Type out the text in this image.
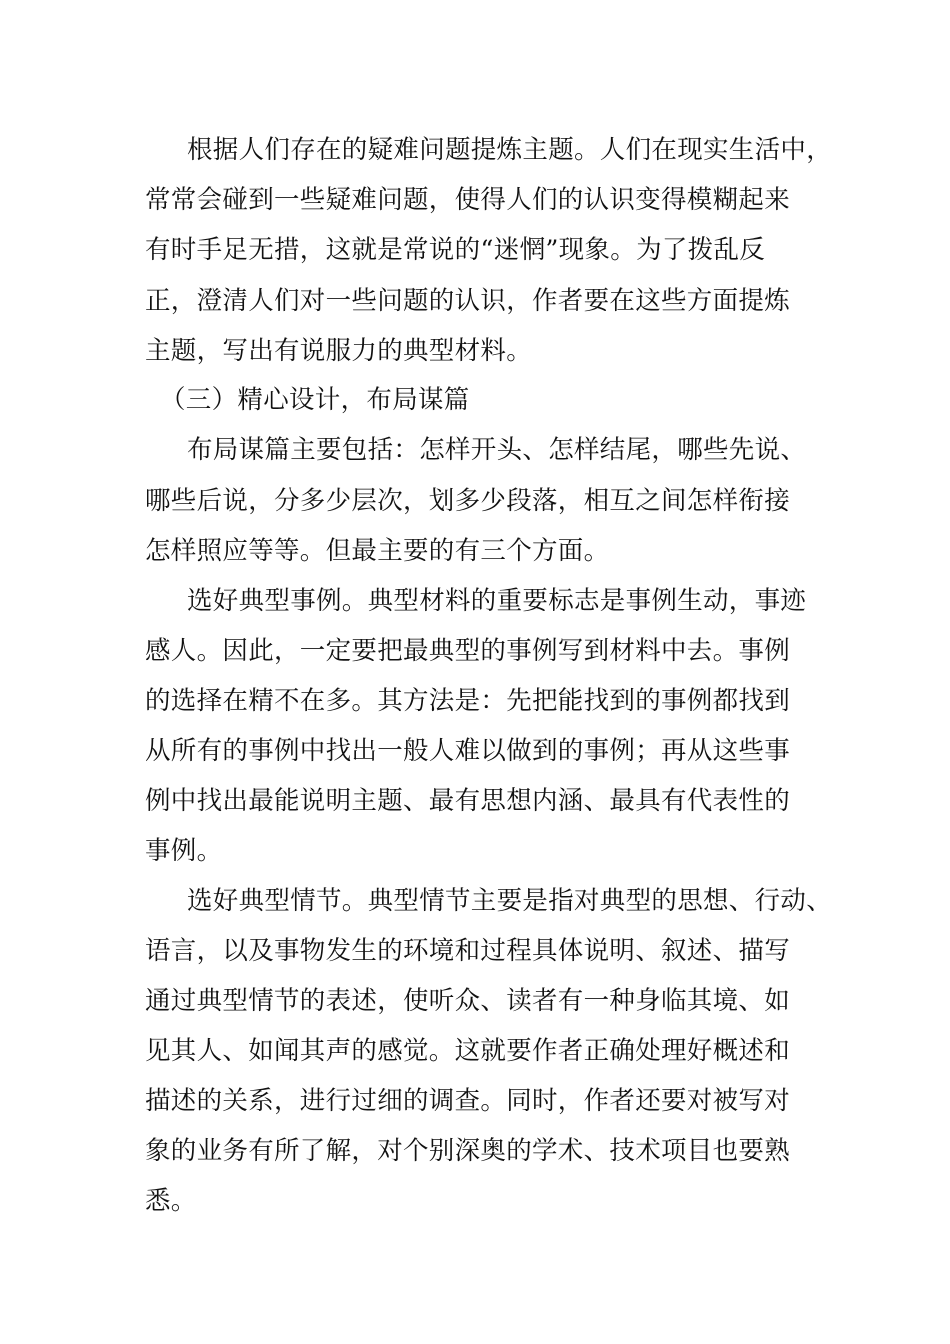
根据人们存在的疑难问题提炼主题。人们在现实生活中，
常常会碰到一些疑难问题，使得人们的认识变得模糊起来
有时手足无措，这就是常说的“迷惘”现象。为了拨乱反
正，澄清人们对一些问题的认识，作者要在这些方面提炼
主题，写出有说服力的典型材料。
（三）精心设计，布局谋篇
布局谋篇主要包括：怎样开头、怎样结尾，哪些先说、
哪些后说，分多少层次，划多少段落，相互之间怎样衔接
怎样照应等等。但最主要的有三个方面。
选好典型事例。典型材料的重要标志是事例生动，事迹
感人。因此，一定要把最典型的事例写到材料中去。事例
的选择在精不在多。其方法是：先把能找到的事例都找到
从所有的事例中找出一般人难以做到的事例；再从这些事
例中找出最能说明主题、最有思想内涵、最具有代表性的
事例。
选好典型情节。典型情节主要是指对典型的思想、行动、
语言，以及事物发生的环境和过程具体说明、叙述、描写
通过典型情节的表述，使听众、读者有一种身临其境、如
见其人、如闻其声的感觉。这就要作者正确处理好概述和
描述的关系，进行过细的调查。同时，作者还要对被写对
象的业务有所了解，对个别深奥的学术、技术项目也要熟
悉。
